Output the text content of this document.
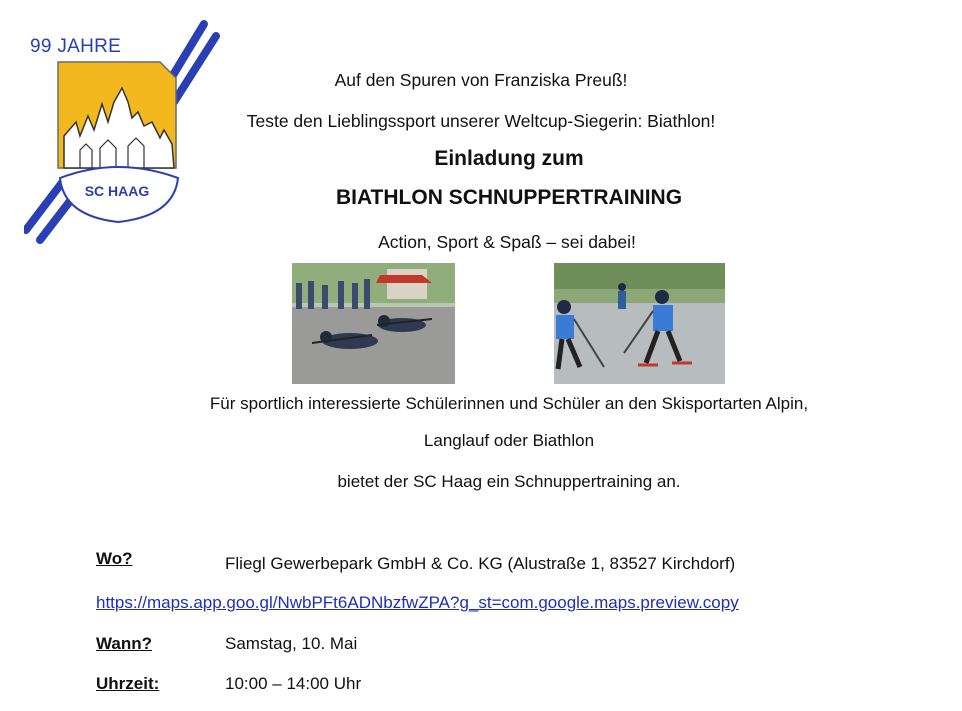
99 JAHRE
SC HAAG
Auf den Spuren von Franziska Preuß!
Teste den Lieblingssport unserer Weltcup-Siegerin: Biathlon!
Einladung zum
BIATHLON SCHNUPPERTRAINING
Action, Sport & Spaß – sei dabei!
Für sportlich interessierte Schülerinnen und Schüler an den Skisportarten Alpin,
Langlauf oder Biathlon
bietet der SC Haag ein Schnuppertraining an.
Wo?	Fliegl Gewerbepark GmbH & Co. KG (Alustraße 1, 83527 Kirchdorf)
https://maps.app.goo.gl/NwbPFt6ADNbzfwZPA?g_st=com.google.maps.preview.copy
Wann?	Samstag, 10. Mai
Uhrzeit:	10:00 – 14:00 Uhr
